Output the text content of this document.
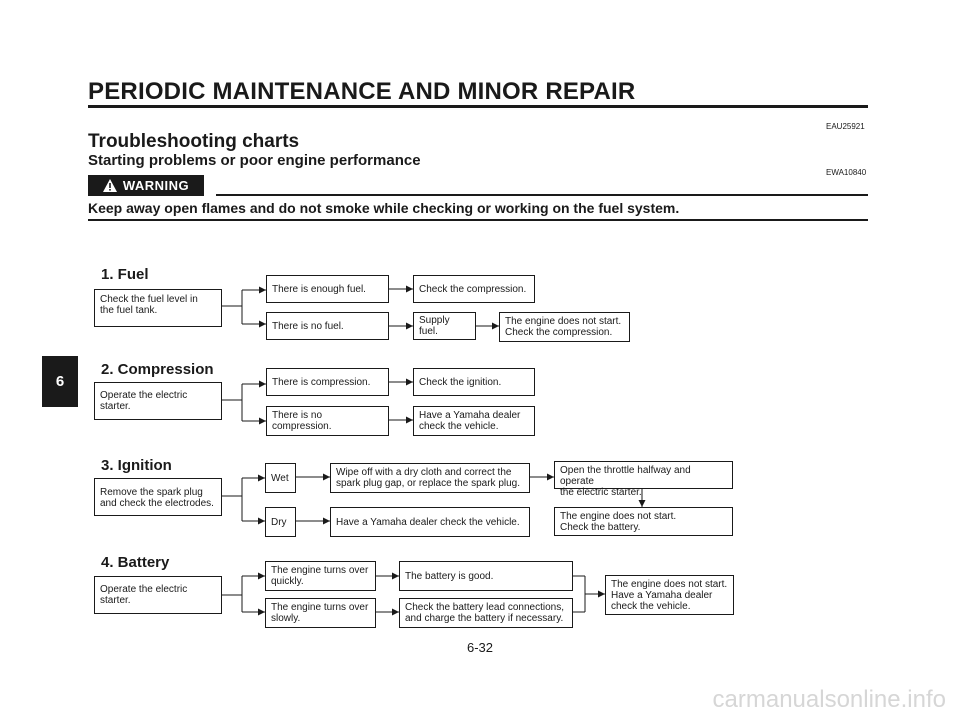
PERIODIC MAINTENANCE AND MINOR REPAIR
EAU25921
Troubleshooting charts
Starting problems or poor engine performance
EWA10840
WARNING
Keep away open flames and do not smoke while checking or working on the fuel system.
6
1. Fuel
Check the fuel level in
the fuel tank.
There is enough fuel.	Check the compression.
There is no fuel.	Supply fuel.
The engine does not start.
Check the compression.
2. Compression
Operate the electric starter.
There is compression.	Check the ignition.
There is no compression.
Have a Yamaha dealer
check the vehicle.
3. Ignition
Remove the spark plug
and check the electrodes.
Wet	Wipe off with a dry cloth and correct the
spark plug gap, or replace the spark plug.
Open the throttle halfway and operate
the electric starter.
Dry	Have a Yamaha dealer check the vehicle.	The engine does not start.
Check the battery.
4. Battery
Operate the electric starter.
The engine turns over
quickly.	The battery is good.
The engine turns over
slowly.
Check the battery lead connections,
and charge the battery if necessary.
The engine does not start.
Have a Yamaha dealer
check the vehicle.
6-32
carmanualsonline.info
